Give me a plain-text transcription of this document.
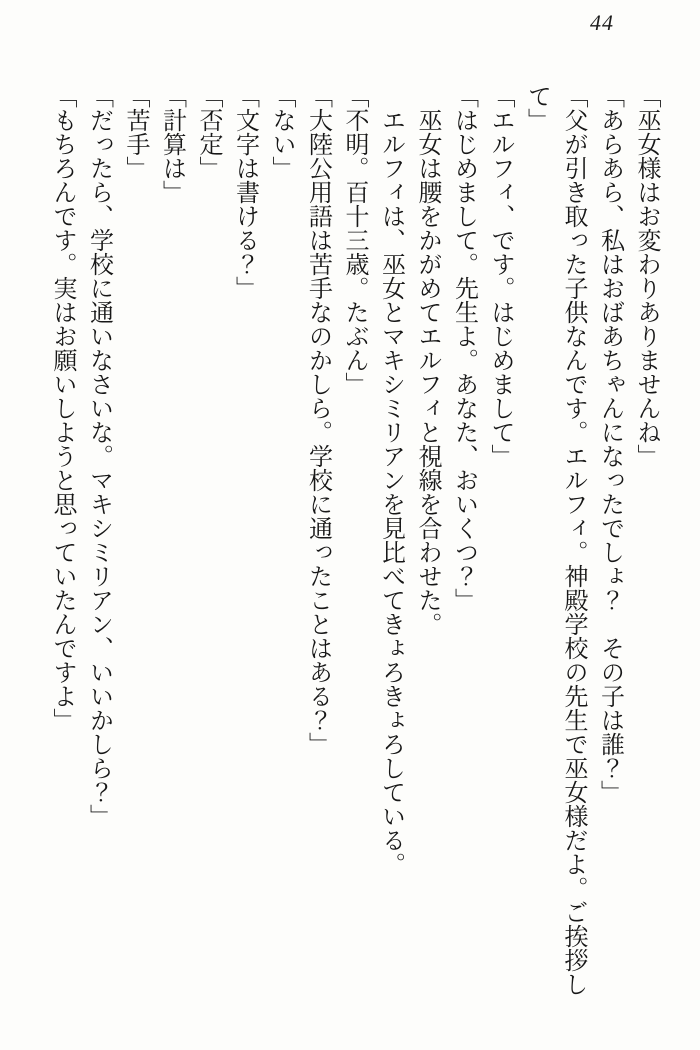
44

「巫女様はお変わりありませんね」

「あらあら、私はおばあちゃんになったでしょ？　その子は誰？」

「父が引き取った子供なんです。エルフィ。神殿学校の先生で巫女様だよ。ご挨拶して」

「エルフィ、です。はじめまして」

「はじめまして。先生よ。あなた、おいくつ？」

巫女は腰をかがめてエルフィと視線を合わせた。

エルフィは、巫女とマキシミリアンを見比べてきょろきょろしている。

「不明。百十三歳。たぶん」

「大陸公用語は苦手なのかしら。学校に通ったことはある？」

「ない」

「文字は書ける？」

「否定」

「計算は」

「苦手」

「だったら、学校に通いなさいな。マキシミリアン、いいかしら？」

「もちろんです。実はお願いしようと思っていたんですよ」
